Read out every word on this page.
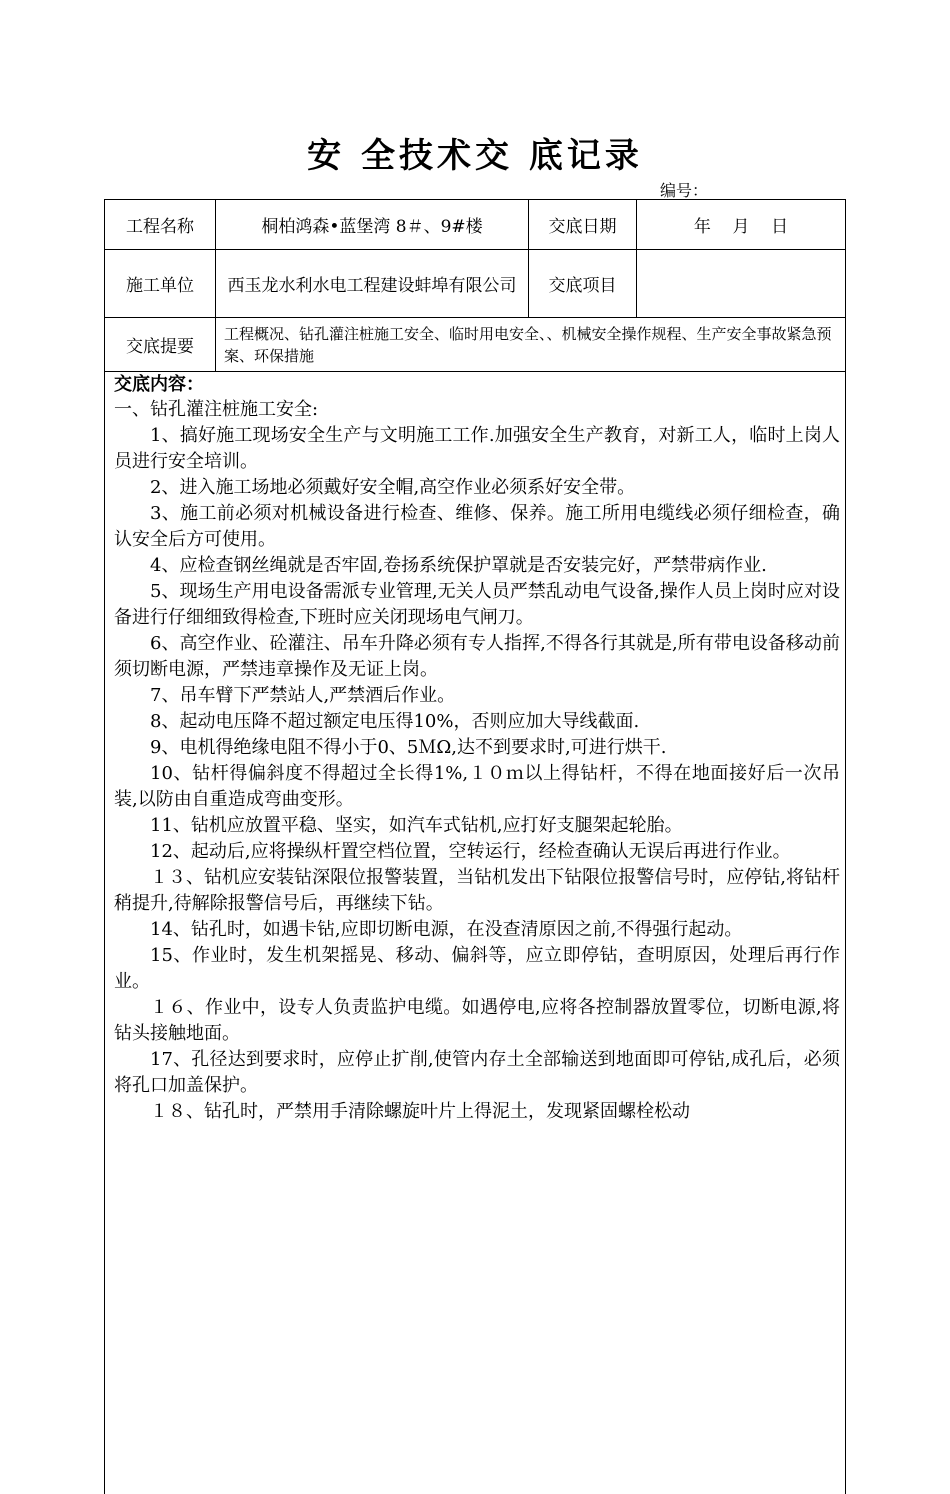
安 全技术交 底记录
编号：
工程名称	桐柏鸿森•蓝堡湾 8＃、9#楼	交底日期	年    月    日
施工单位	西玉龙水利水电工程建设蚌埠有限公司	交底项目	
交底提要	工程概况、钻孔灌注桩施工安全、临时用电安全、、机械安全操作规程、生产安全事故紧急预案、环保措施		
交底内容：
一、钻孔灌注桩施工安全:

1、搞好施工现场安全生产与文明施工工作.加强安全生产教育，对新工人，临时上岗人员进行安全培训。

2、进入施工场地必须戴好安全帽,高空作业必须系好安全带。

3、施工前必须对机械设备进行检查、维修、保养。施工所用电缆线必须仔细检查，确认安全后方可使用。

4、应检查钢丝绳就是否牢固,卷扬系统保护罩就是否安装完好，严禁带病作业.

5、现场生产用电设备需派专业管理,无关人员严禁乱动电气设备,操作人员上岗时应对设备进行仔细细致得检查,下班时应关闭现场电气闸刀。

6、高空作业、砼灌注、吊车升降必须有专人指挥,不得各行其就是,所有带电设备移动前须切断电源，严禁违章操作及无证上岗。

7、吊车臂下严禁站人,严禁酒后作业。

8、起动电压降不超过额定电压得10%，否则应加大导线截面.

9、电机得绝缘电阻不得小于0、5ＭΩ,达不到要求时,可进行烘干.

10、钻杆得偏斜度不得超过全长得1%,１０ｍ以上得钻杆，不得在地面接好后一次吊装,以防由自重造成弯曲变形。

11、钻机应放置平稳、坚实，如汽车式钻机,应打好支腿架起轮胎。

12、起动后,应将操纵杆置空档位置，空转运行，经检查确认无误后再进行作业。

１３、钻机应安装钻深限位报警装置，当钻机发出下钻限位报警信号时，应停钻,将钻杆稍提升,待解除报警信号后，再继续下钻。

14、钻孔时，如遇卡钻,应即切断电源，在没查清原因之前,不得强行起动。

15、作业时，发生机架摇晃、移动、偏斜等，应立即停钻，查明原因，处理后再行作业。

１６、作业中，设专人负责监护电缆。如遇停电,应将各控制器放置零位，切断电源,将钻头接触地面。

17、孔径达到要求时，应停止扩削,使管内存土全部输送到地面即可停钻,成孔后，必须将孔口加盖保护。

１８、钻孔时，严禁用手清除螺旋叶片上得泥土，发现紧固螺栓松动
